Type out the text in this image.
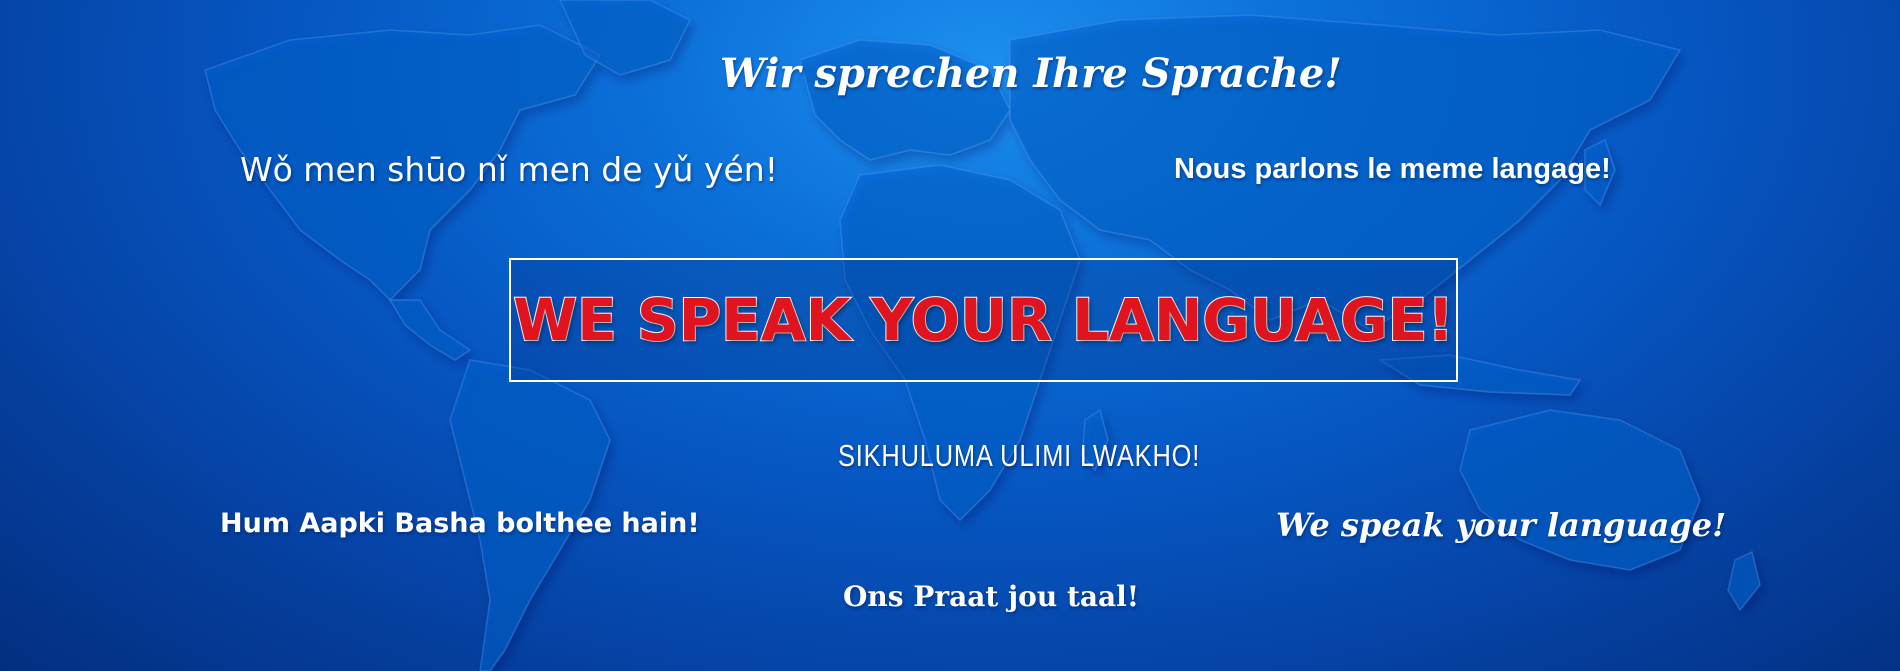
Wir sprechen Ihre Sprache!
Wǒ men shūo nǐ men de yǔ yén!	Nous parlons le meme langage!
WE SPEAK YOUR LANGUAGE!
SIKHULUMA ULIMI LWAKHO!
Hum Aapki Basha bolthee hain!	We speak your language!
Ons Praat jou taal!
